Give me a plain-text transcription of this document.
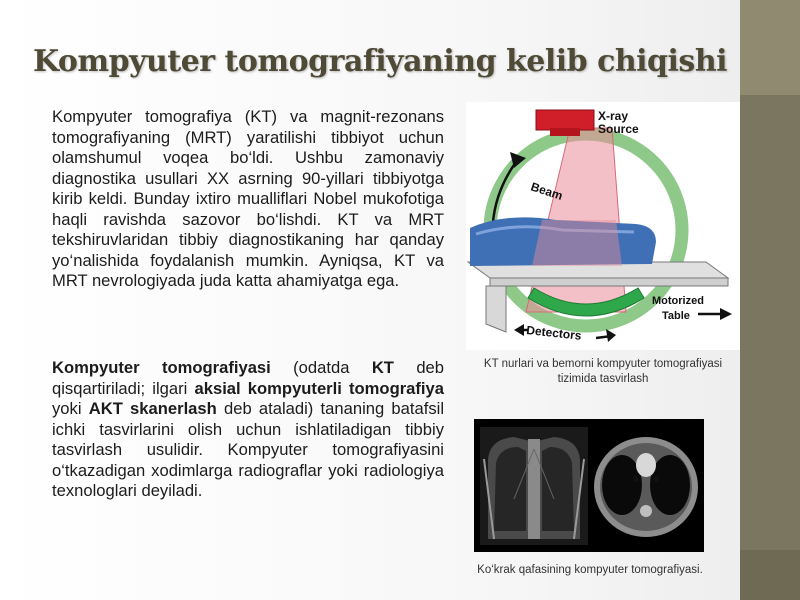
Kompyuter tomografiyaning kelib chiqishi

Kompyuter tomografiya (KT) va magnit-rezonans tomografiyaning (MRT) yaratilishi tibbiyot uchun olamshumul voqea bo‘ldi. Ushbu zamonaviy diagnostika usullari XX asrning 90-yillari tibbiyotga kirib keldi. Bunday ixtiro mualliflari Nobel mukofotiga haqli ravishda sazovor bo‘lishdi. KT va MRT tekshiruvlaridan tibbiy diagnostikaning har qanday yo‘nalishida foydalanish mumkin. Ayniqsa, KT va MRT nevrologiyada juda katta ahamiyatga ega.

Kompyuter tomografiyasi (odatda KT deb qisqartiriladi; ilgari aksial kompyuterli tomografiya yoki AKT skanerlash deb ataladi) tananing batafsil ichki tasvirlarini olish uchun ishlatiladigan tibbiy tasvirlash usulidir. Kompyuter tomografiyasini o‘tkazadigan xodimlarga radiograflar yoki radiologiya texnologlari deyiladi.

X-ray
Source
Beam
Motorized
Table
Detectors
KT nurlari va bemorni kompyuter tomografiyasi tizimida tasvirlash
Ko‘krak qafasining kompyuter tomografiyasi.
